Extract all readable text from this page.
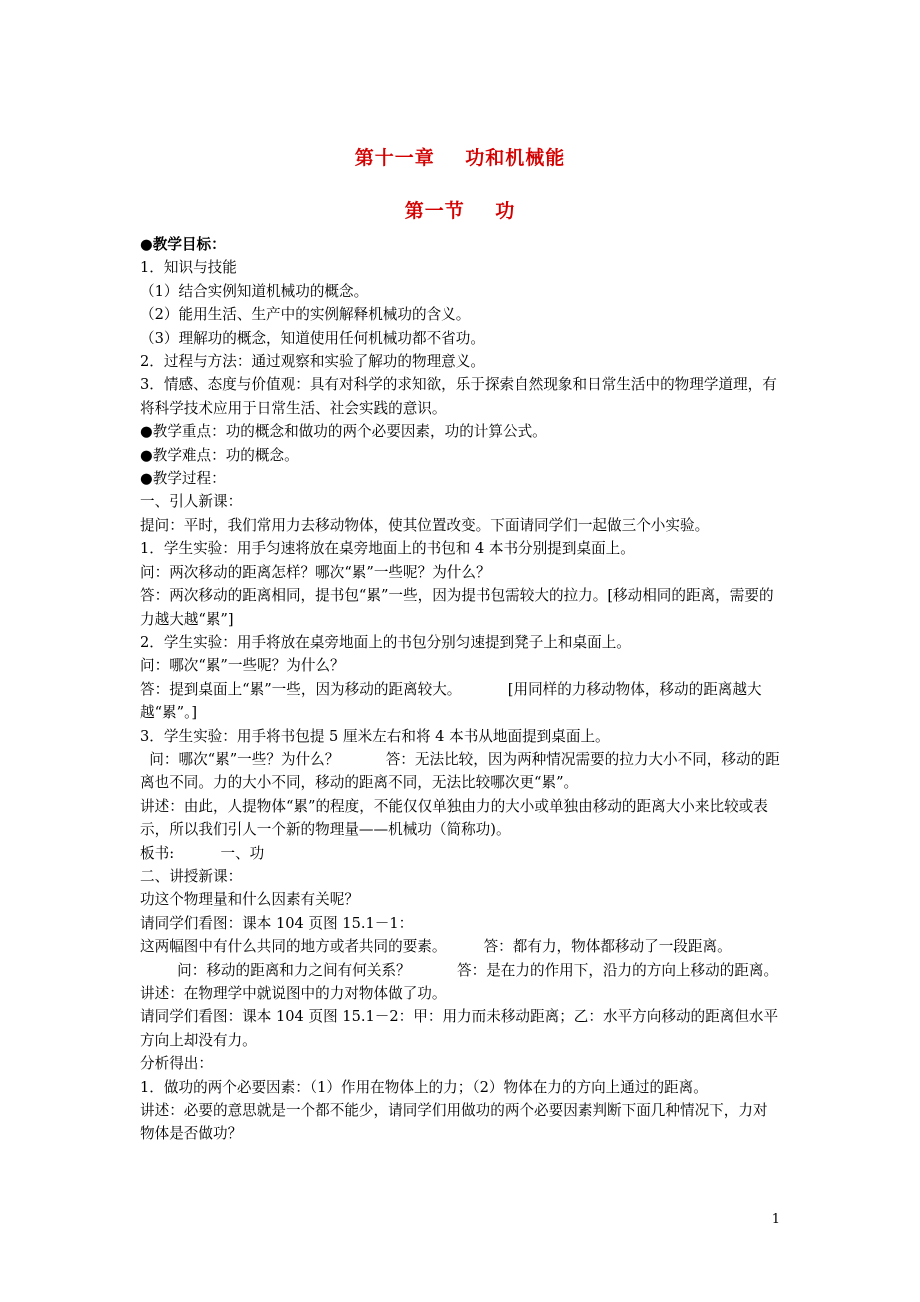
第十一章    功和机械能
第一节    功
●教学目标：
1．知识与技能
（1）结合实例知道机械功的概念。
（2）能用生活、生产中的实例解释机械功的含义。
（3）理解功的概念，知道使用任何机械功都不省功。
2．过程与方法：通过观察和实验了解功的物理意义。
3．情感、态度与价值观：具有对科学的求知欲，乐于探索自然现象和日常生活中的物理学道理，有将科学技术应用于日常生活、社会实践的意识。
●教学重点：功的概念和做功的两个必要因素，功的计算公式。
●教学难点：功的概念。
●教学过程：
一、引人新课：
提问：平时，我们常用力去移动物体，使其位置改变。下面请同学们一起做三个小实验。
1．学生实验：用手匀速将放在桌旁地面上的书包和 4 本书分别提到桌面上。
问：两次移动的距离怎样？哪次“累”一些呢？为什么？
答：两次移动的距离相同，提书包“累”一些，因为提书包需较大的拉力。[移动相同的距离，需要的力越大越“累”]
2．学生实验：用手将放在桌旁地面上的书包分别匀速提到凳子上和桌面上。
问：哪次“累”一些呢？为什么？
答：提到桌面上“累”一些，因为移动的距离较大。          [用同样的力移动物体，移动的距离越大越“累”。]
3．学生实验：用手将书包提 5 厘米左右和将 4 本书从地面提到桌面上。
问：哪次“累”一些？为什么？          答：无法比较，因为两种情况需要的拉力大小不同，移动的距离也不同。力的大小不同，移动的距离不同，无法比较哪次更“累”。
讲述：由此，人提物体“累”的程度，不能仅仅单独由力的大小或单独由移动的距离大小来比较或表示，所以我们引人一个新的物理量——机械功（简称功)。
板书:          一、功
二、讲授新课：
功这个物理量和什么因素有关呢？
请同学们看图：课本 104 页图 15.1－1：
这两幅图中有什么共同的地方或者共同的要素。        答：都有力，物体都移动了一段距离。
问：移动的距离和力之间有何关系？          答：是在力的作用下，沿力的方向上移动的距离。        讲述：在物理学中就说图中的力对物体做了功。
请同学们看图：课本 104 页图 15.1－2：甲：用力而未移动距离；乙：水平方向移动的距离但水平方向上却没有力。
分析得出：
1．做功的两个必要因素：（1）作用在物体上的力；（2）物体在力的方向上通过的距离。
讲述：必要的意思就是一个都不能少，请同学们用做功的两个必要因素判断下面几种情况下，力对物体是否做功？
1
